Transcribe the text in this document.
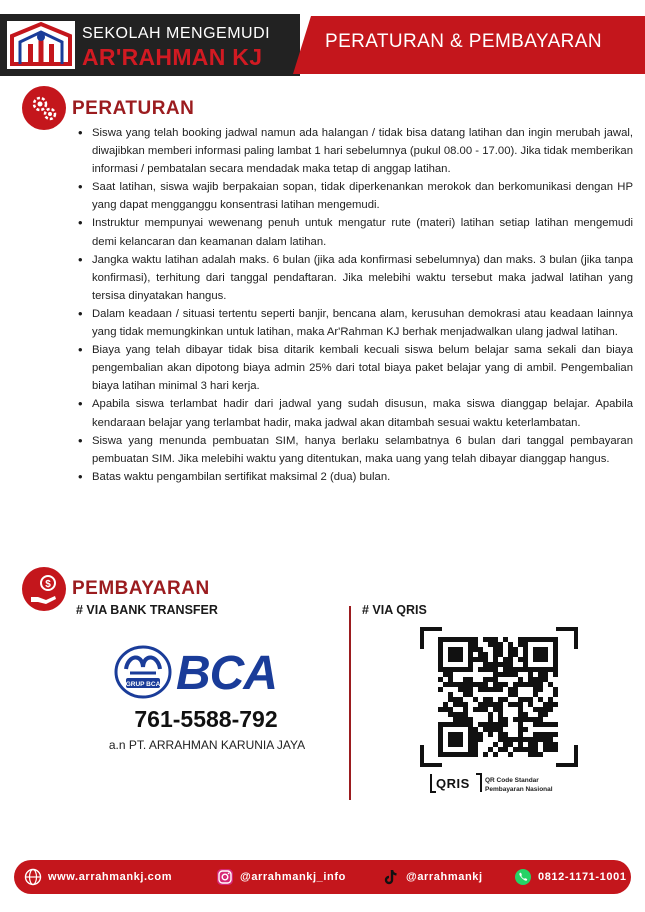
SEKOLAH MENGEMUDI
AR'RAHMAN KJ
PERATURAN & PEMBAYARAN
PERATURAN
• Siswa yang telah booking jadwal namun ada halangan / tidak bisa datang latihan dan ingin merubah jawal, diwajibkan memberi informasi paling lambat 1 hari sebelumnya (pukul 08.00 - 17.00). Jika tidak memberikan informasi / pembatalan secara mendadak maka tetap di anggap latihan.
• Saat latihan, siswa wajib berpakaian sopan, tidak diperkenankan merokok dan berkomunikasi dengan HP yang dapat mengganggu konsentrasi latihan mengemudi.
• Instruktur mempunyai wewenang penuh untuk mengatur rute (materi) latihan setiap latihan mengemudi demi kelancaran dan keamanan dalam latihan.
• Jangka waktu latihan adalah maks. 6 bulan (jika ada konfirmasi sebelumnya) dan maks. 3 bulan (jika tanpa konfirmasi), terhitung dari tanggal pendaftaran. Jika melebihi waktu tersebut maka jadwal latihan yang tersisa dinyatakan hangus.
• Dalam keadaan / situasi tertentu seperti banjir, bencana alam, kerusuhan demokrasi atau keadaan lainnya yang tidak memungkinkan untuk latihan, maka Ar'Rahman KJ berhak menjadwalkan ulang jadwal latihan.
• Biaya yang telah dibayar tidak bisa ditarik kembali kecuali siswa belum belajar sama sekali dan biaya pengembalian akan dipotong biaya admin 25% dari total biaya paket belajar yang di ambil. Pengembalian biaya latihan minimal 3 hari kerja.
• Apabila siswa terlambat hadir dari jadwal yang sudah disusun, maka siswa dianggap belajar. Apabila kendaraan belajar yang terlambat hadir, maka jadwal akan ditambah sesuai waktu keterlambatan.
• Siswa yang menunda pembuatan SIM, hanya berlaku selambatnya 6 bulan dari tanggal pembayaran pembuatan SIM. Jika melebihi waktu yang ditentukan, maka uang yang telah dibayar dianggap hangus.
• Batas waktu pengambilan sertifikat maksimal 2 (dua) bulan.
$ PEMBAYARAN
# VIA BANK TRANSFER	# VIA QRIS
GRUP BCA BCA
761-5588-792
a.n PT. ARRAHMAN KARUNIA JAYA
QRIS QR Code Standar
Pembayaran Nasional
www.arrahmankj.com	@arrahmankj_info	@arrahmankj	0812-1171-1001
